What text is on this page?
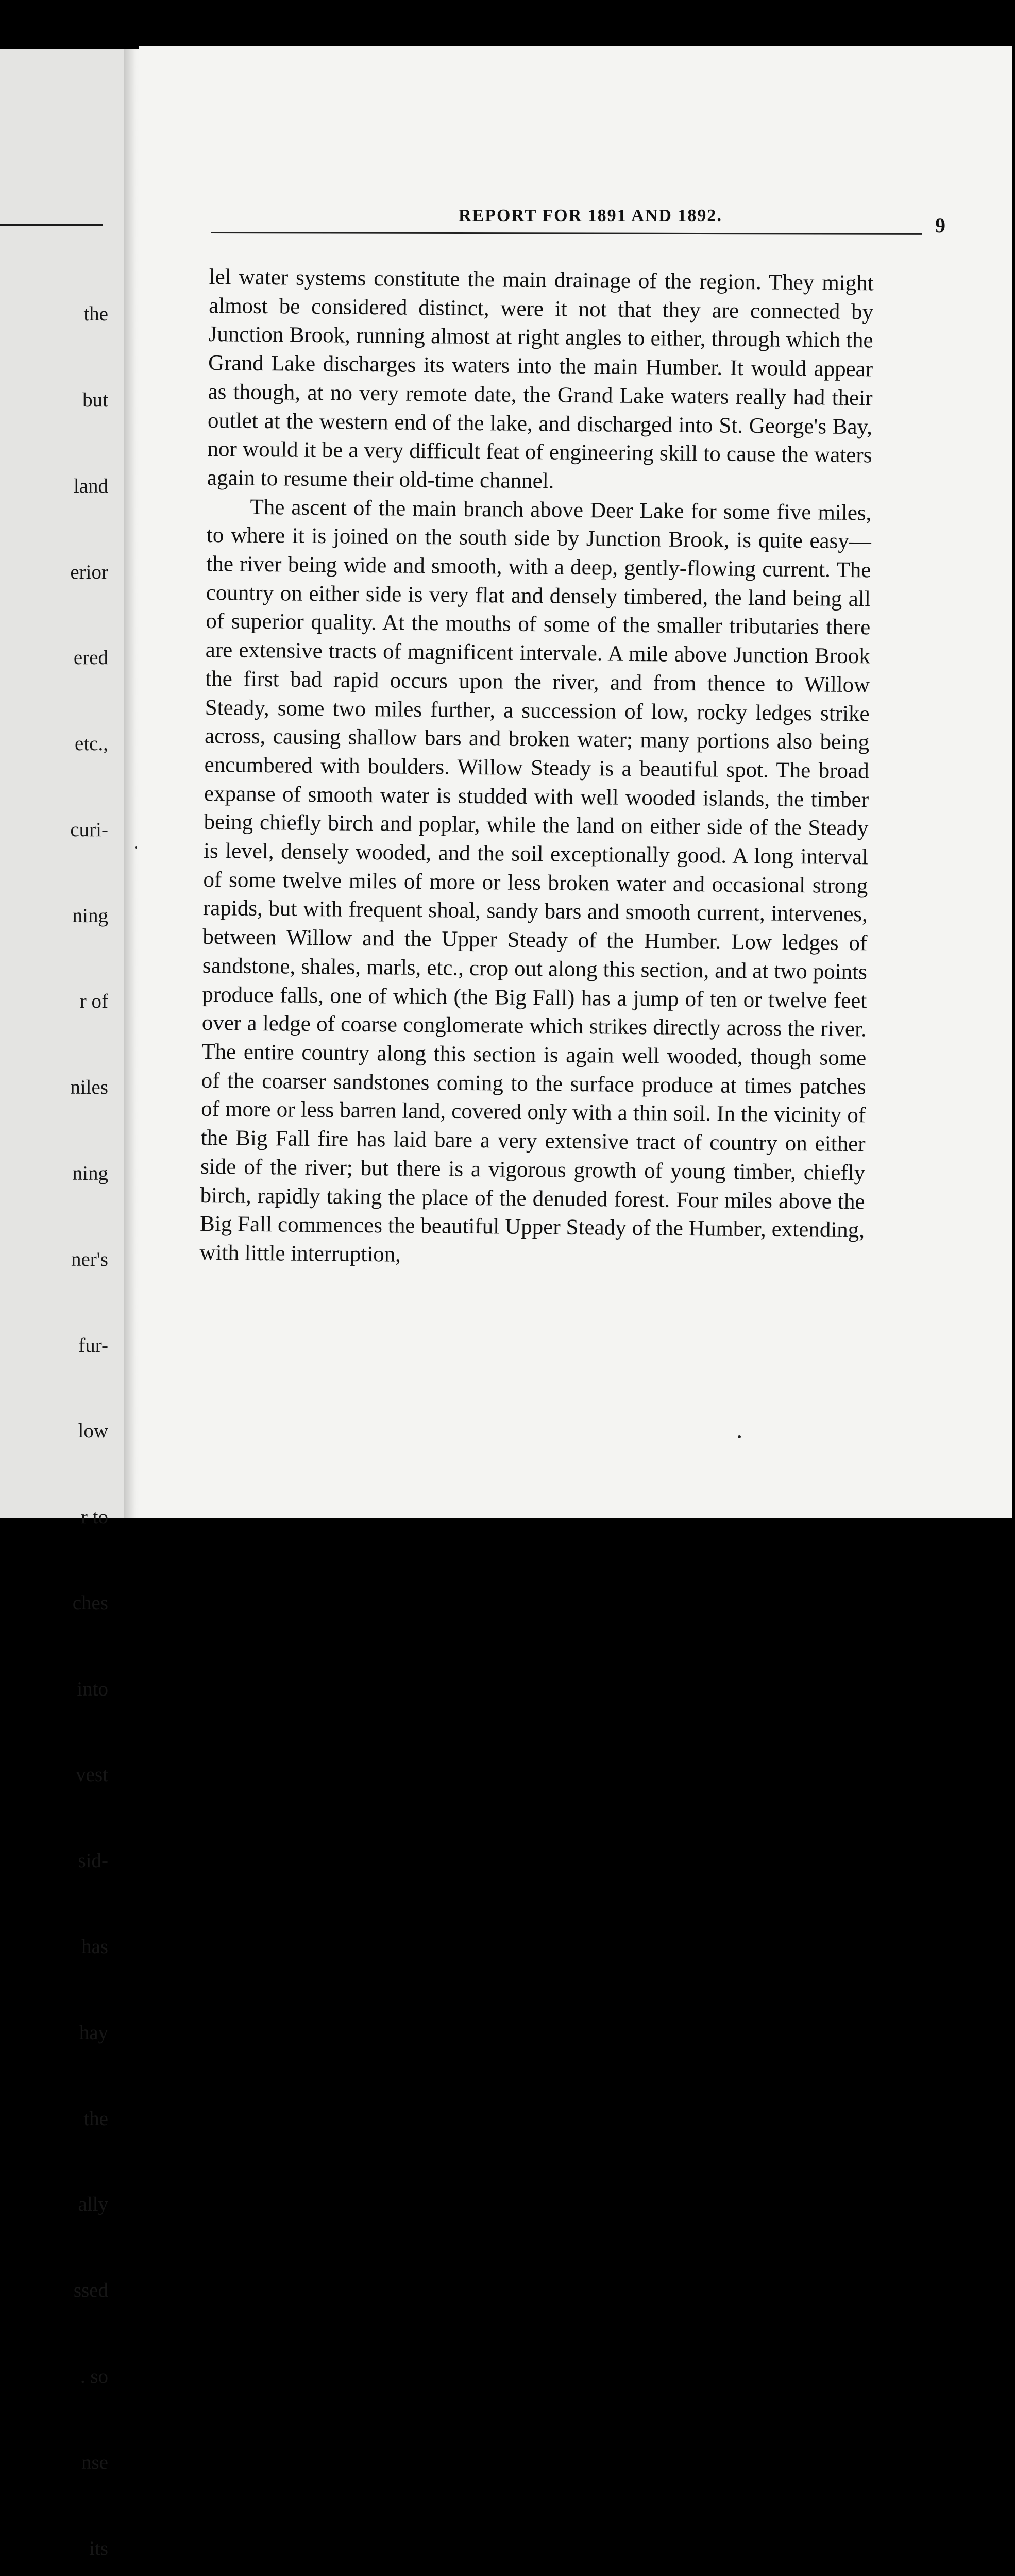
the

but

land

erior

ered

etc.,

curi-

ning

r of

niles

ning

ner's

fur-

low

r to

ches

into

vest

sid-

has

hay

the

ally

ssed

. so

nse

its

REPORT FOR 1891 AND 1892.	9

lel water systems constitute the main drainage of the region. They might almost be considered distinct, were it not that they are connected by Junction Brook, running almost at right angles to either, through which the Grand Lake discharges its waters into the main Humber. It would appear as though, at no very remote date, the Grand Lake waters really had their outlet at the western end of the lake, and discharged into St. George's Bay, nor would it be a very difficult feat of engineering skill to cause the waters again to resume their old-time channel.

The ascent of the main branch above Deer Lake for some five miles, to where it is joined on the south side by Junction Brook, is quite easy—the river being wide and smooth, with a deep, gently-flowing current. The country on either side is very flat and densely timbered, the land being all of superior quality. At the mouths of some of the smaller tributaries there are extensive tracts of magnificent intervale. A mile above Junction Brook the first bad rapid occurs upon the river, and from thence to Willow Steady, some two miles further, a succession of low, rocky ledges strike across, causing shallow bars and broken water; many portions also being encumbered with boulders. Willow Steady is a beautiful spot. The broad expanse of smooth water is studded with well wooded islands, the timber being chiefly birch and poplar, while the land on either side of the Steady is level, densely wooded, and the soil exceptionally good. A long interval of some twelve miles of more or less broken water and occasional strong rapids, but with frequent shoal, sandy bars and smooth current, intervenes, between Willow and the Upper Steady of the Humber. Low ledges of sandstone, shales, marls, etc., crop out along this section, and at two points produce falls, one of which (the Big Fall) has a jump of ten or twelve feet over a ledge of coarse conglomerate which strikes directly across the river. The entire country along this section is again well wooded, though some of the coarser sandstones coming to the surface produce at times patches of more or less barren land, covered only with a thin soil. In the vicinity of the Big Fall fire has laid bare a very extensive tract of country on either side of the river; but there is a vigorous growth of young timber, chiefly birch, rapidly taking the place of the denuded forest. Four miles above the Big Fall commences the beautiful Upper Steady of the Humber, extending, with little interruption,
